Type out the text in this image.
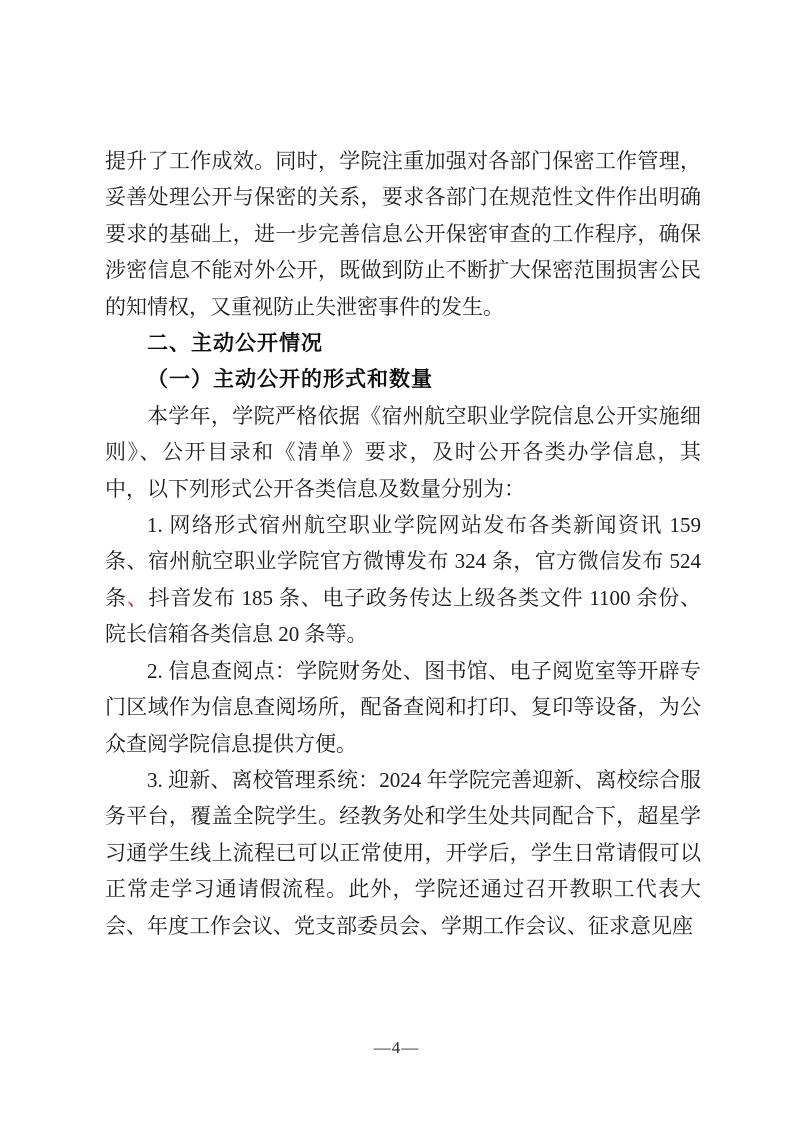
提升了工作成效。同时，学院注重加强对各部门保密工作管理，妥善处理公开与保密的关系，要求各部门在规范性文件作出明确要求的基础上，进一步完善信息公开保密审查的工作程序，确保涉密信息不能对外公开，既做到防止不断扩大保密范围损害公民的知情权，又重视防止失泄密事件的发生。

二、主动公开情况

（一）主动公开的形式和数量

本学年，学院严格依据《宿州航空职业学院信息公开实施细则》、公开目录和《清单》要求，及时公开各类办学信息，其中，以下列形式公开各类信息及数量分别为：

1. 网络形式宿州航空职业学院网站发布各类新闻资讯 159 条、宿州航空职业学院官方微博发布 324 条，官方微信发布 524 条、抖音发布 185 条、电子政务传达上级各类文件 1100 余份、院长信箱各类信息 20 条等。

2. 信息查阅点：学院财务处、图书馆、电子阅览室等开辟专门区域作为信息查阅场所，配备查阅和打印、复印等设备，为公众查阅学院信息提供方便。

3. 迎新、离校管理系统：2024 年学院完善迎新、离校综合服务平台，覆盖全院学生。经教务处和学生处共同配合下，超星学习通学生线上流程已可以正常使用，开学后，学生日常请假可以正常走学习通请假流程。此外，学院还通过召开教职工代表大会、年度工作会议、党支部委员会、学期工作会议、征求意见座

—4—
